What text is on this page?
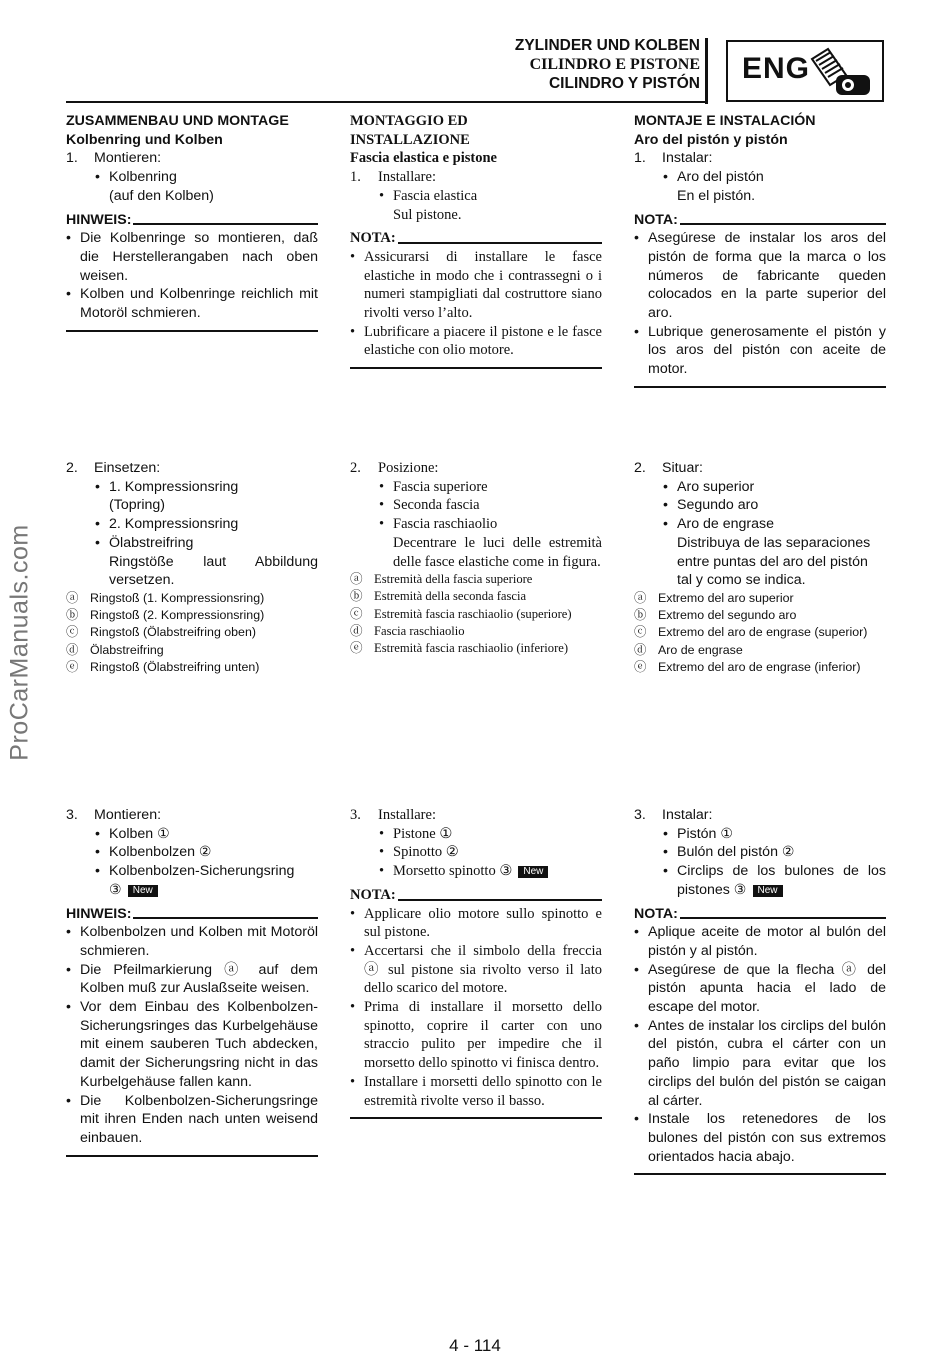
ZYLINDER UND KOLBEN
CILINDRO E PISTONE
CILINDRO Y PISTÓN ENG
ProCarManuals.com
ZUSAMMENBAU UND MONTAGE
Kolbenring und Kolben
1. Montieren:
• Kolbenring
(auf den Kolben)
HINWEIS:
• Die Kolbenringe so montieren, daß die Herstellerangaben nach oben weisen.
• Kolben und Kolbenringe reichlich mit Motoröl schmieren.
MONTAGGIO ED INSTALLAZIONE
Fascia elastica e pistone
1. Installare:
• Fascia elastica
Sul pistone.
NOTA:
• Assicurarsi di installare le fasce elastiche in modo che i contrassegni o i numeri stampigliati dal costruttore siano rivolti verso l’alto.
• Lubrificare a piacere il pistone e le fasce elastiche con olio motore.
MONTAJE E INSTALACIÓN
Aro del pistón y pistón
1. Instalar:
• Aro del pistón
En el pistón.
NOTA:
• Asegúrese de instalar los aros del pistón de forma que la marca o los números de fabricante queden colocados en la parte superior del aro.
• Lubrique generosamente el pistón y los aros del pistón con aceite de motor.
2. Einsetzen:
• 1. Kompressionsring
(Topring)
• 2. Kompressionsring
• Ölabstreifring
Ringstöße laut Abbildung versetzen.
ⓐ Ringstoß (1. Kompressionsring)
ⓑ Ringstoß (2. Kompressionsring)
ⓒ Ringstoß (Ölabstreifring oben)
ⓓ Ölabstreifring
ⓔ Ringstoß (Ölabstreifring unten)
2. Posizione:
• Fascia superiore
• Seconda fascia
• Fascia raschiaolio
Decentrare le luci delle estremità delle fasce elastiche come in figura.
ⓐ Estremità della fascia superiore
ⓑ Estremità della seconda fascia
ⓒ Estremità fascia raschiaolio (superiore)
ⓓ Fascia raschiaolio
ⓔ Estremità fascia raschiaolio (inferiore)
2. Situar:
• Aro superior
• Segundo aro
• Aro de engrase
Distribuya de las separaciones entre puntas del aro del pistón tal y como se indica.
ⓐ Extremo del aro superior
ⓑ Extremo del segundo aro
ⓒ Extremo del aro de engrase (superior)
ⓓ Aro de engrase
ⓔ Extremo del aro de engrase (inferior)
3. Montieren:
• Kolben ①
• Kolbenbolzen ②
• Kolbenbolzen-Sicherungsring
③ New
HINWEIS:
• Kolbenbolzen und Kolben mit Motoröl schmieren.
• Die Pfeilmarkierung ⓐ auf dem Kolben muß zur Auslaßseite weisen.
• Vor dem Einbau des Kolbenbolzen-Sicherungsringes das Kurbelgehäuse mit einem sauberen Tuch abdecken, damit der Sicherungsring nicht in das Kurbelgehäuse fallen kann.
• Die Kolbenbolzen-Sicherungsringe mit ihren Enden nach unten weisend einbauen.
3. Installare:
• Pistone ①
• Spinotto ②
• Morsetto spinotto ③ New
NOTA:
• Applicare olio motore sullo spinotto e sul pistone.
• Accertarsi che il simbolo della freccia ⓐ sul pistone sia rivolto verso il lato dello scarico del motore.
• Prima di installare il morsetto dello spinotto, coprire il carter con uno straccio pulito per impedire che il morsetto dello spinotto vi finisca dentro.
• Installare i morsetti dello spinotto con le estremità rivolte verso il basso.
3. Instalar:
• Pistón ①
• Bulón del pistón ②
• Circlips de los bulones de los pistones ③ New
NOTA:
• Aplique aceite de motor al bulón del pistón y al pistón.
• Asegúrese de que la flecha ⓐ del pistón apunta hacia el lado de escape del motor.
• Antes de instalar los circlips del bulón del pistón, cubra el cárter con un paño limpio para evitar que los circlips del bulón del pistón se caigan al cárter.
• Instale los retenedores de los bulones del pistón con sus extremos orientados hacia abajo.
4 - 114
